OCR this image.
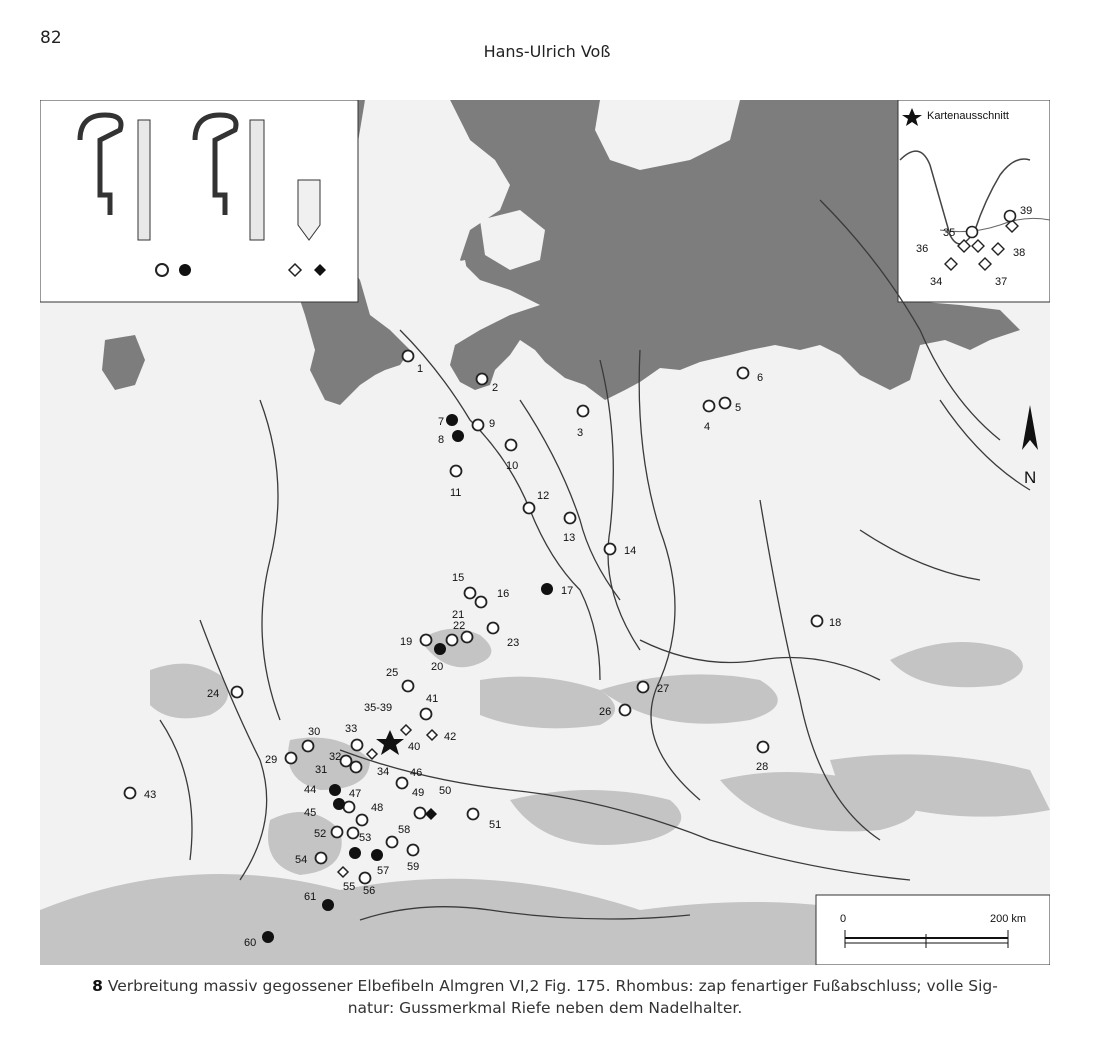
82
Hans-Ulrich Voß
Kartenausschnitt
N
0	200 km
35
36
34	37
38
39
1
2
3	4
5
6
7
8
9
10
11	12
13
14
15
16	17
18
19
20
21
22
23
24
25
26
27
28
29
30
31
32
33
34
35-39
40
41
42
43	44
45
46
47
48
49 50
51
52	53
54
55 56
57
58
59
60
61
8 Verbreitung massiv gegossener Elbefibeln Almgren VI,2 Fig. 175. Rhombus: zap fenartiger Fußabschluss; volle Sig-
natur: Gussmerkmal Riefe neben dem Nadelhalter.
